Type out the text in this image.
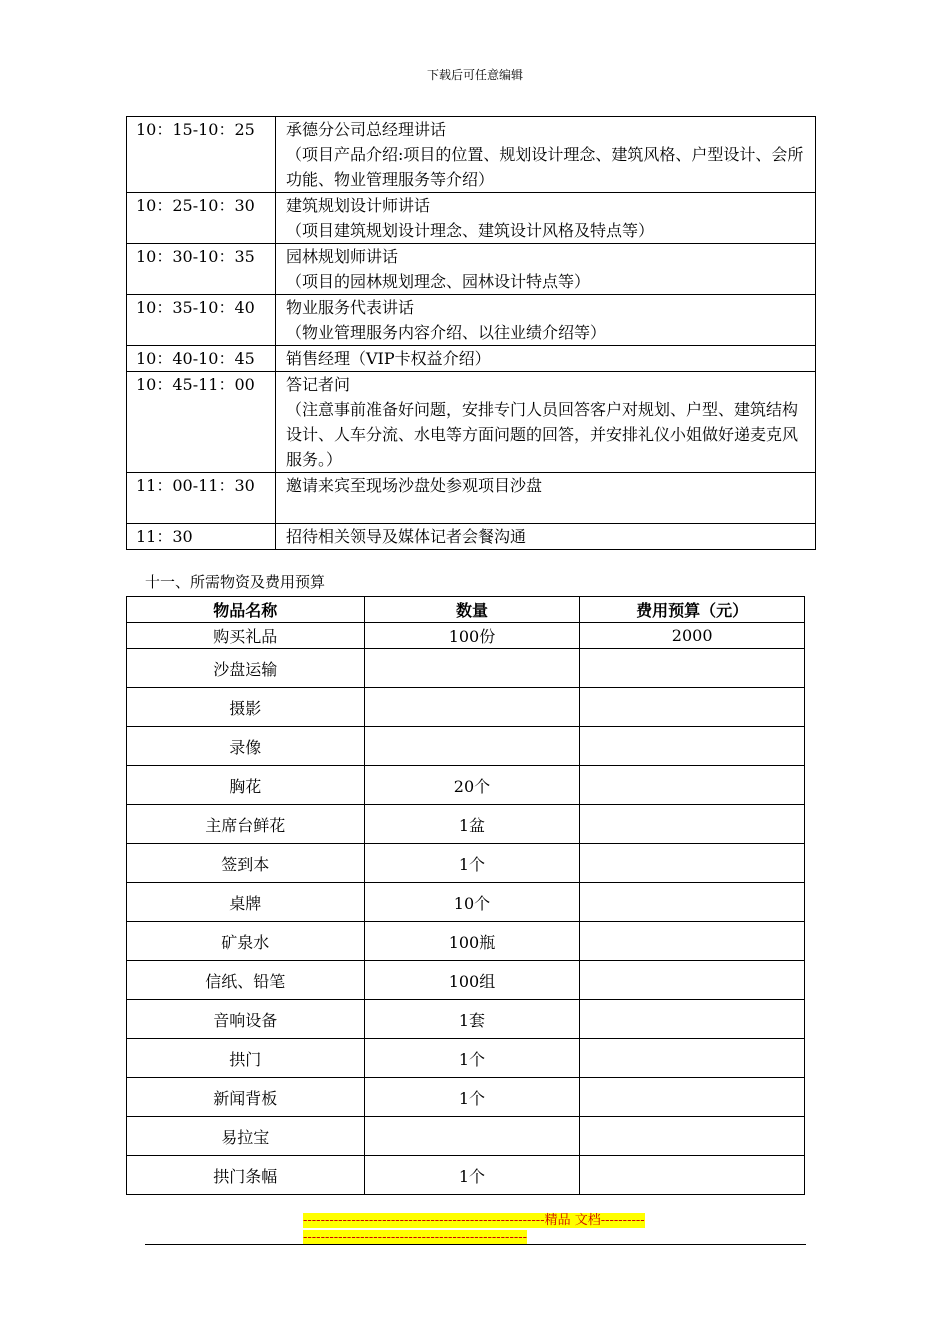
下载后可任意编辑
10：15-10：25	承德分公司总经理讲话
（项目产品介绍:项目的位置、规划设计理念、建筑风格、户型设计、会所功能、物业管理服务等介绍）

10：25-10：30	建筑规划设计师讲话
（项目建筑规划设计理念、建筑设计风格及特点等）

10：30-10：35	园林规划师讲话
（项目的园林规划理念、园林设计特点等）

10：35-10：40	物业服务代表讲话
（物业管理服务内容介绍、以往业绩介绍等）

10：40-10：45	销售经理（VIP卡权益介绍）

10：45-11：00	答记者问
（注意事前准备好问题，安排专门人员回答客户对规划、户型、建筑结构设计、人车分流、水电等方面问题的回答，并安排礼仪小姐做好递麦克风服务。）

11：00-11：30	邀请来宾至现场沙盘处参观项目沙盘

11：30	招待相关领导及媒体记者会餐沟通
十一、所需物资及费用预算
物品名称	数量	费用预算（元）
购买礼品	100份	2000
沙盘运输		
摄影		
录像		
胸花	20个	
主席台鲜花	1盆	
签到本	1个	
桌牌	10个	
矿泉水	100瓶	
信纸、铅笔	100组	
音响设备	1套	
拱门	1个	
新闻背板	1个	
易拉宝		
拱门条幅	1个	
-------------------------------------------------------精品 文档-------------------------------------------------------------
